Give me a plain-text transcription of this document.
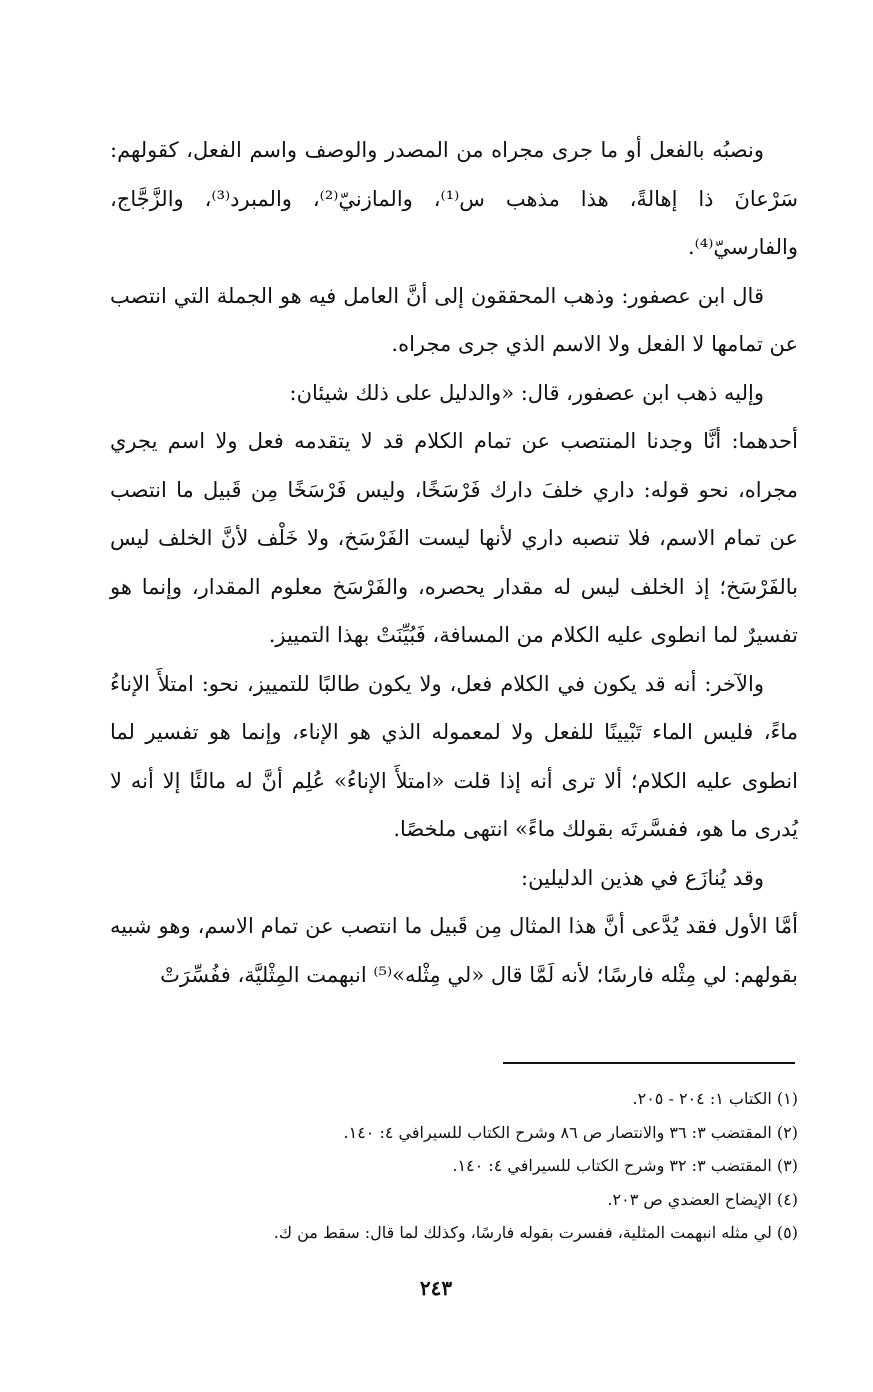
ونصبُه بالفعل أو ما جرى مجراه من المصدر والوصف واسم الفعل، كقولهم: سَرْعانَ ذا إهالةً، هذا مذهب س⁽¹⁾، والمازنيّ⁽²⁾، والمبرد⁽³⁾، والزَّجَّاج، والفارسيّ⁽⁴⁾.

قال ابن عصفور: وذهب المحققون إلى أنَّ العامل فيه هو الجملة التي انتصب عن تمامها لا الفعل ولا الاسم الذي جرى مجراه.

وإليه ذهب ابن عصفور، قال: «والدليل على ذلك شيئان:

أحدهما: أنَّا وجدنا المنتصب عن تمام الكلام قد لا يتقدمه فعل ولا اسم يجري مجراه، نحو قوله: داري خلفَ دارك فَرْسَخًا، وليس فَرْسَخًا مِن قَبيل ما انتصب عن تمام الاسم، فلا تنصبه داري لأنها ليست الفَرْسَخ، ولا خَلْف لأنَّ الخلف ليس بالفَرْسَخ؛ إذ الخلف ليس له مقدار يحصره، والفَرْسَخ معلوم المقدار، وإنما هو تفسيرٌ لما انطوى عليه الكلام من المسافة، فَبُيِّنَتْ بهذا التمييز.

والآخر: أنه قد يكون في الكلام فعل، ولا يكون طالبًا للتمييز، نحو: امتلأَ الإناءُ ماءً، فليس الماء تَبْيينًا للفعل ولا لمعموله الذي هو الإناء، وإنما هو تفسير لما انطوى عليه الكلام؛ ألا ترى أنه إذا قلت «امتلأَ الإناءُ» عُلِم أنَّ له مالئًا إلا أنه لا يُدرى ما هو، ففسَّرتَه بقولك ماءً» انتهى ملخصًا.

وقد يُنازَع في هذين الدليلين:

أمَّا الأول فقد يُدَّعى أنَّ هذا المثال مِن قَبيل ما انتصب عن تمام الاسم، وهو شبيه بقولهم: لي مِثْله فارسًا؛ لأنه لَمَّا قال «لي مِثْله»⁽⁵⁾ انبهمت المِثْليَّة، ففُسِّرَتْ

(١) الكتاب ١: ٢٠٤ - ٢٠٥.

(٢) المقتضب ٣: ٣٦ والانتصار ص ٨٦ وشرح الكتاب للسيرافي ٤: ١٤٠.

(٣) المقتضب ٣: ٣٢ وشرح الكتاب للسيرافي ٤: ١٤٠.

(٤) الإيضاح العضدي ص ٢٠٣.

(٥) لي مثله انبهمت المثلية، ففسرت بقوله فارسًا، وكذلك لما قال: سقط من ك.

٢٤٣
